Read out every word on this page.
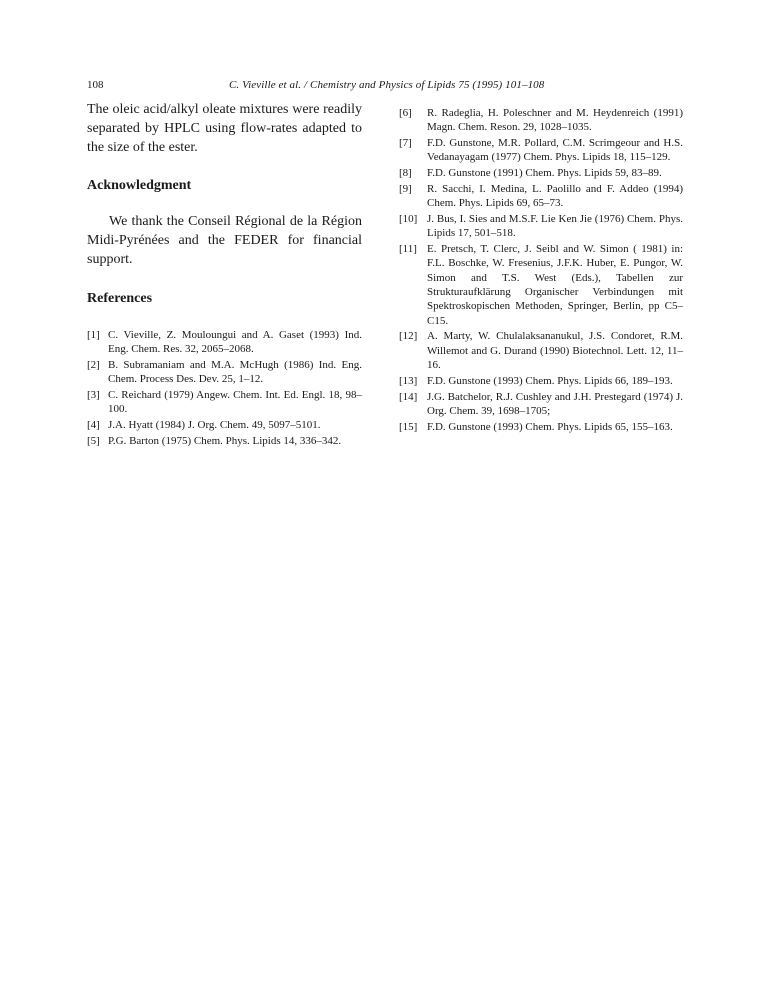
108	C. Vieville et al. / Chemistry and Physics of Lipids 75 (1995) 101–108

The oleic acid/alkyl oleate mixtures were readily separated by HPLC using flow-rates adapted to the size of the ester.

Acknowledgment

We thank the Conseil Régional de la Région Midi-Pyrénées and the FEDER for financial support.

References
[1] C. Vieville, Z. Mouloungui and A. Gaset (1993) Ind. Eng. Chem. Res. 32, 2065–2068.
[2] B. Subramaniam and M.A. McHugh (1986) Ind. Eng. Chem. Process Des. Dev. 25, 1–12.
[3] C. Reichard (1979) Angew. Chem. Int. Ed. Engl. 18, 98–100.
[4] J.A. Hyatt (1984) J. Org. Chem. 49, 5097–5101.
[5] P.G. Barton (1975) Chem. Phys. Lipids 14, 336–342.
[6] R. Radeglia, H. Poleschner and M. Heydenreich (1991) Magn. Chem. Reson. 29, 1028–1035.
[7] F.D. Gunstone, M.R. Pollard, C.M. Scrimgeour and H.S. Vedanayagam (1977) Chem. Phys. Lipids 18, 115–129.
[8] F.D. Gunstone (1991) Chem. Phys. Lipids 59, 83–89.
[9] R. Sacchi, I. Medina, L. Paolillo and F. Addeo (1994) Chem. Phys. Lipids 69, 65–73.
[10] J. Bus, I. Sies and M.S.F. Lie Ken Jie (1976) Chem. Phys. Lipids 17, 501–518.
[11] E. Pretsch, T. Clerc, J. Seibl and W. Simon ( 1981) in: F.L. Boschke, W. Fresenius, J.F.K. Huber, E. Pungor, W. Simon and T.S. West (Eds.), Tabellen zur Strukturaufklärung Organischer Verbindungen mit Spektroskopischen Methoden, Springer, Berlin, pp C5–C15.
[12] A. Marty, W. Chulalaksananukul, J.S. Condoret, R.M. Willemot and G. Durand (1990) Biotechnol. Lett. 12, 11–16.
[13] F.D. Gunstone (1993) Chem. Phys. Lipids 66, 189–193.
[14] J.G. Batchelor, R.J. Cushley and J.H. Prestegard (1974) J. Org. Chem. 39, 1698–1705;
[15] F.D. Gunstone (1993) Chem. Phys. Lipids 65, 155–163.
